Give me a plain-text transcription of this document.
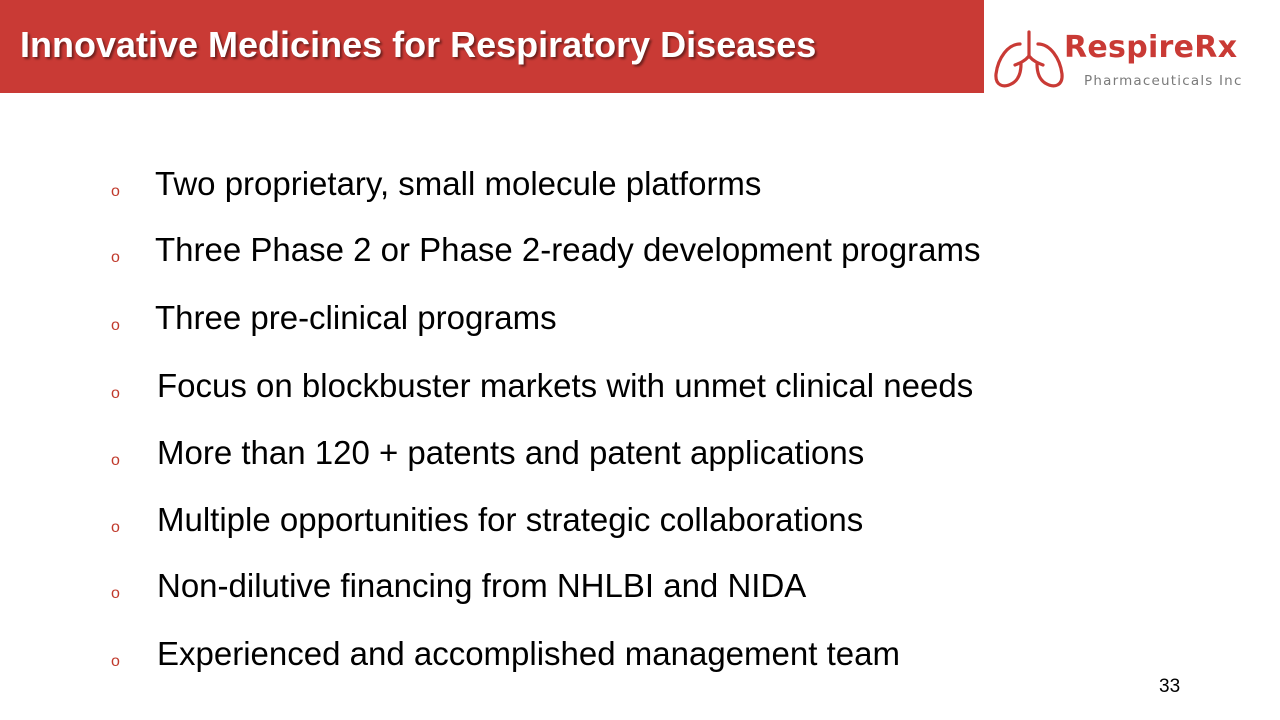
Innovative Medicines for Respiratory Diseases	RespireRx
Pharmaceuticals Inc
o Two proprietary, small molecule platforms
o Three Phase 2 or Phase 2-ready development programs
o Three pre-clinical programs
o Focus on blockbuster markets with unmet clinical needs
o More than 120 + patents and patent applications
o Multiple opportunities for strategic collaborations
o Non-dilutive financing from NHLBI and NIDA
o Experienced and accomplished management team
33
